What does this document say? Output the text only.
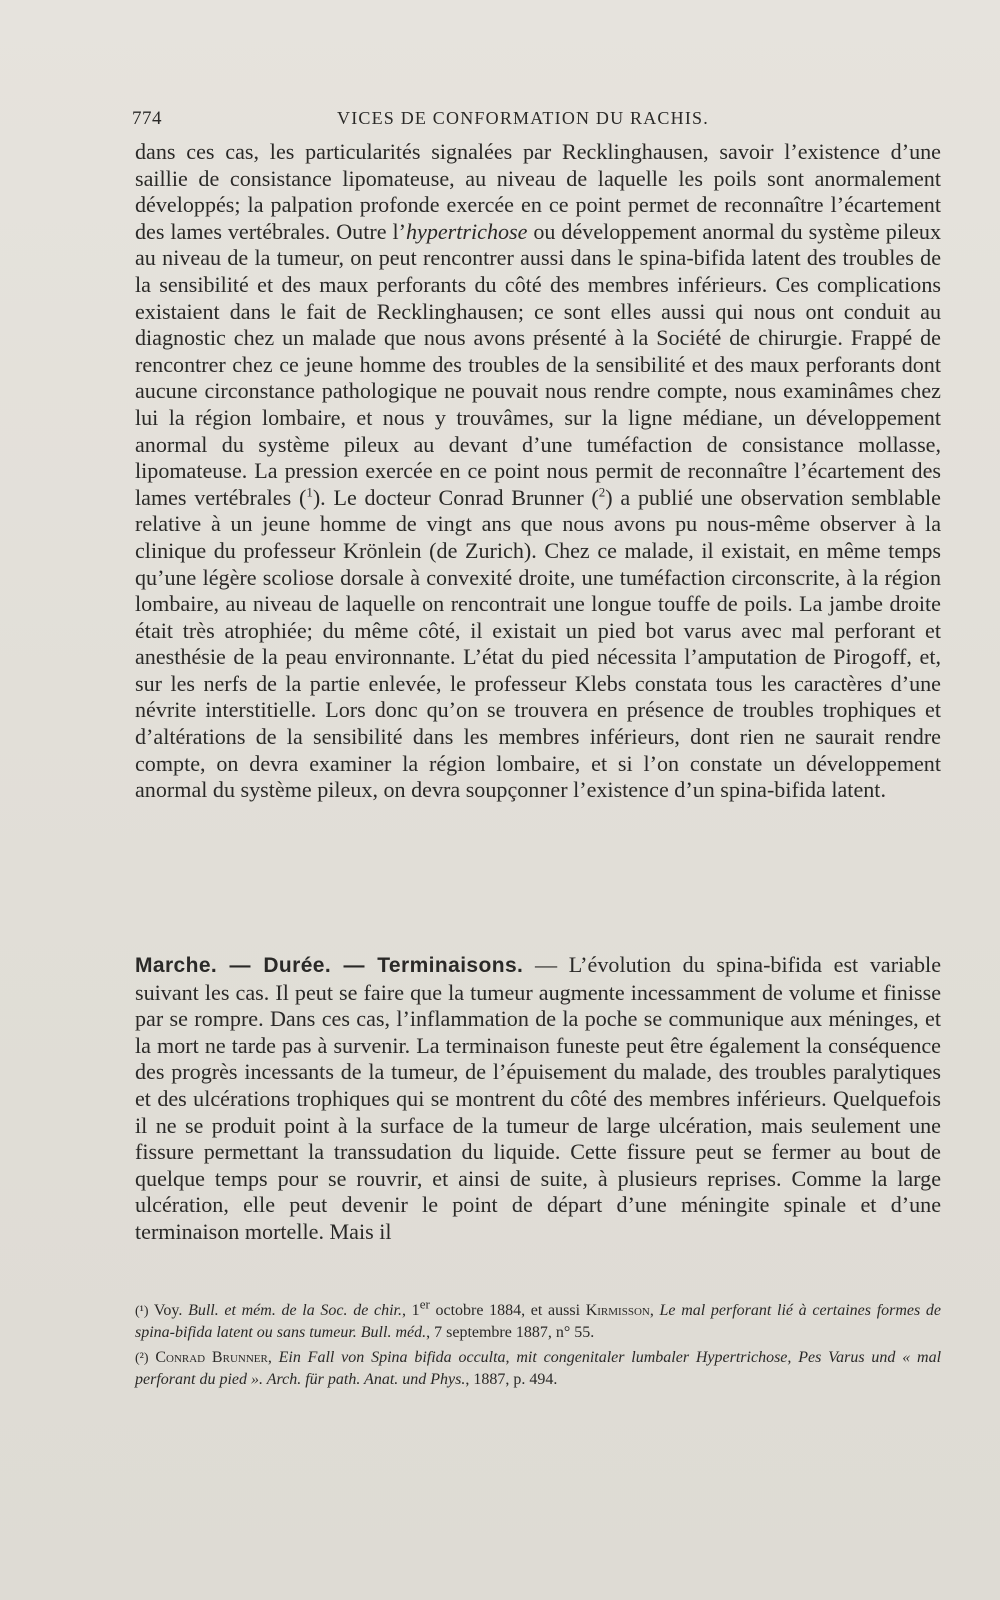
774	VICES DE CONFORMATION DU RACHIS.

dans ces cas, les particularités signalées par Recklinghausen, savoir l’existence d’une saillie de consistance lipomateuse, au niveau de laquelle les poils sont anormalement développés; la palpation profonde exercée en ce point permet de reconnaître l’écartement des lames vertébrales. Outre l’hypertrichose ou développement anormal du système pileux au niveau de la tumeur, on peut rencontrer aussi dans le spina-bifida latent des troubles de la sensibilité et des maux perforants du côté des membres inférieurs. Ces complications existaient dans le fait de Recklinghausen; ce sont elles aussi qui nous ont conduit au diagnostic chez un malade que nous avons présenté à la Société de chirurgie. Frappé de rencontrer chez ce jeune homme des troubles de la sensibilité et des maux perforants dont aucune circonstance pathologique ne pouvait nous rendre compte, nous examinâmes chez lui la région lombaire, et nous y trouvâmes, sur la ligne médiane, un développement anormal du système pileux au devant d’une tuméfaction de consistance mollasse, lipomateuse. La pression exercée en ce point nous permit de reconnaître l’écartement des lames vertébrales ($^1$). Le docteur Conrad Brunner ($^2$) a publié une observation semblable relative à un jeune homme de vingt ans que nous avons pu nous-même observer à la clinique du professeur Krönlein (de Zurich). Chez ce malade, il existait, en même temps qu’une légère scoliose dorsale à convexité droite, une tuméfaction circonscrite, à la région lombaire, au niveau de laquelle on rencontrait une longue touffe de poils. La jambe droite était très atrophiée; du même côté, il existait un pied bot varus avec mal perforant et anesthésie de la peau environnante. L’état du pied nécessita l’amputation de Pirogoff, et, sur les nerfs de la partie enlevée, le professeur Klebs constata tous les caractères d’une névrite interstitielle. Lors donc qu’on se trouvera en présence de troubles trophiques et d’altérations de la sensibilité dans les membres inférieurs, dont rien ne saurait rendre compte, on devra examiner la région lombaire, et si l’on constate un développement anormal du système pileux, on devra soupçonner l’existence d’un spina-bifida latent.

Marche. — Durée. — Terminaisons. — L’évolution du spina-bifida est variable suivant les cas. Il peut se faire que la tumeur augmente incessamment de volume et finisse par se rompre. Dans ces cas, l’inflammation de la poche se communique aux méninges, et la mort ne tarde pas à survenir. La terminaison funeste peut être également la conséquence des progrès incessants de la tumeur, de l’épuisement du malade, des troubles paralytiques et des ulcérations trophiques qui se montrent du côté des membres inférieurs. Quelquefois il ne se produit point à la surface de la tumeur de large ulcération, mais seulement une fissure permettant la transsudation du liquide. Cette fissure peut se fermer au bout de quelque temps pour se rouvrir, et ainsi de suite, à plusieurs reprises. Comme la large ulcération, elle peut devenir le point de départ d’une méningite spinale et d’une terminaison mortelle. Mais il

(¹) Voy. Bull. et mém. de la Soc. de chir., 1er octobre 1884, et aussi Kirmisson, Le mal perforant lié à certaines formes de spina-bifida latent ou sans tumeur. Bull. méd., 7 septembre 1887, n° 55.

(²) Conrad Brunner, Ein Fall von Spina bifida occulta, mit congenitaler lumbaler Hypertrichose, Pes Varus und « mal perforant du pied ». Arch. für path. Anat. und Phys., 1887, p. 494.
